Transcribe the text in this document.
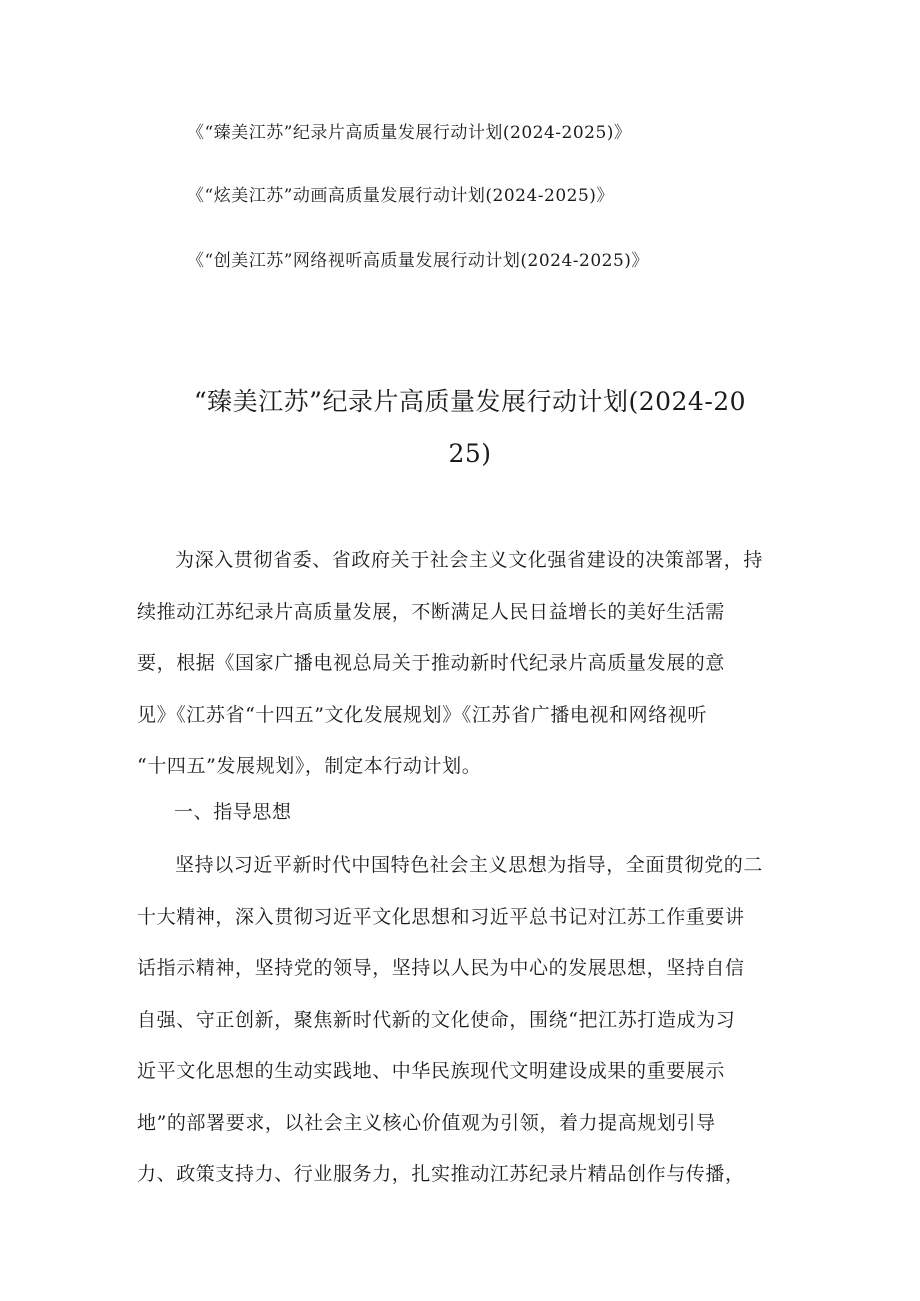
《“臻美江苏”纪录片高质量发展行动计划(2024-2025)》
《“炫美江苏”动画高质量发展行动计划(2024-2025)》
《“创美江苏”网络视听高质量发展行动计划(2024-2025)》
“臻美江苏”纪录片高质量发展行动计划(2024-20
25)
为深入贯彻省委、省政府关于社会主义文化强省建设的决策部署，持
续推动江苏纪录片高质量发展，不断满足人民日益增长的美好生活需
要，根据《国家广播电视总局关于推动新时代纪录片高质量发展的意
见》《江苏省“十四五”文化发展规划》《江苏省广播电视和网络视听
“十四五”发展规划》，制定本行动计划。
一、指导思想
坚持以习近平新时代中国特色社会主义思想为指导，全面贯彻党的二
十大精神，深入贯彻习近平文化思想和习近平总书记对江苏工作重要讲
话指示精神，坚持党的领导，坚持以人民为中心的发展思想，坚持自信
自强、守正创新，聚焦新时代新的文化使命，围绕“把江苏打造成为习
近平文化思想的生动实践地、中华民族现代文明建设成果的重要展示
地”的部署要求，以社会主义核心价值观为引领，着力提高规划引导
力、政策支持力、行业服务力，扎实推动江苏纪录片精品创作与传播，
